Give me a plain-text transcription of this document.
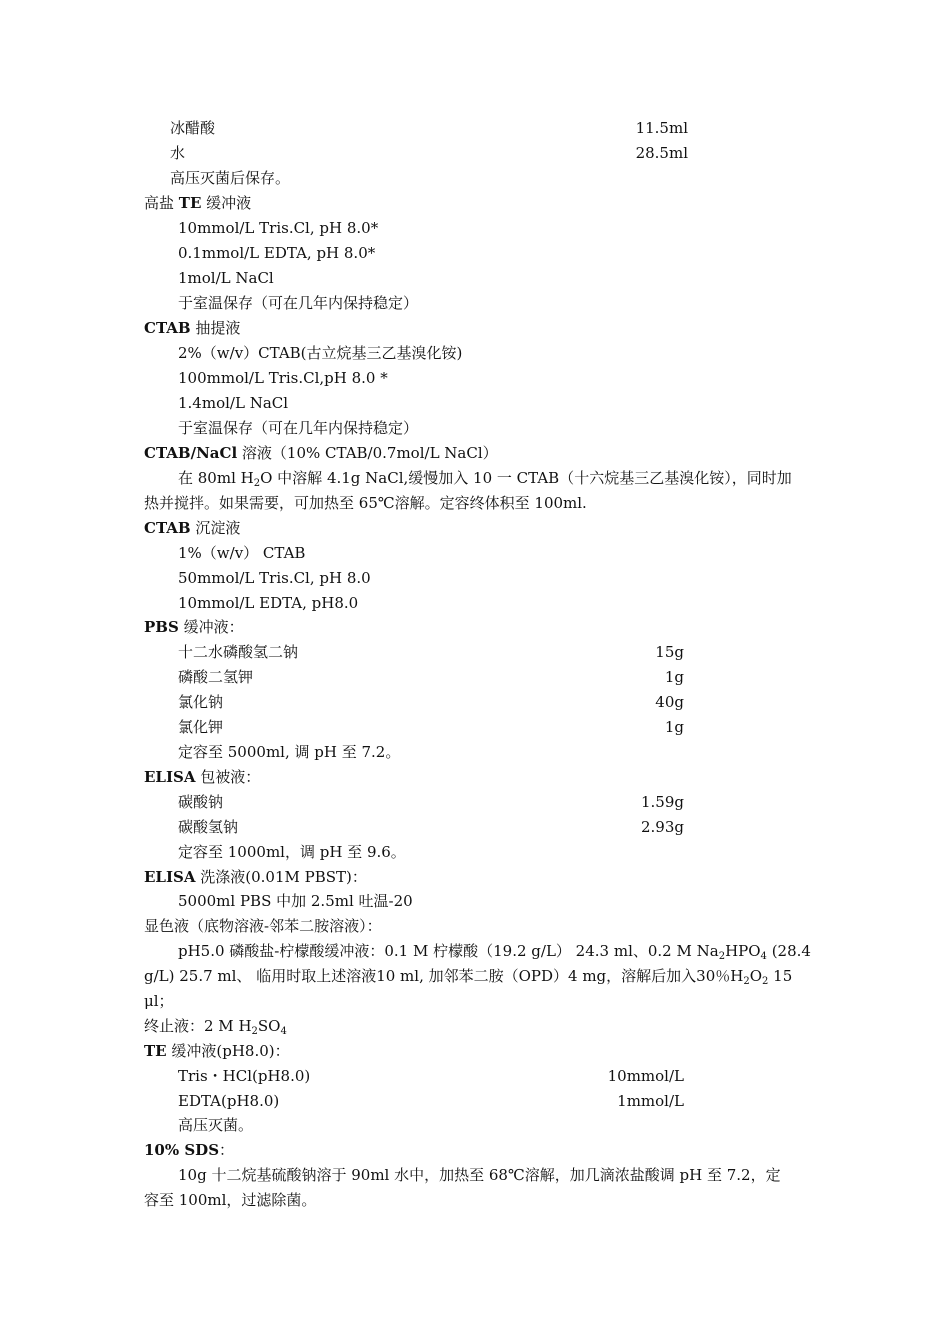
冰醋酸	11.5ml
水	28.5ml
高压灭菌后保存。
高盐 TE 缓冲液
10mmol/L Tris.Cl, pH 8.0*
0.1mmol/L EDTA, pH 8.0*
1mol/L NaCl
于室温保存（可在几年内保持稳定）
CTAB 抽提液
2%（w/v）CTAB(古立烷基三乙基溴化铵)
100mmol/L Tris.Cl,pH 8.0 *
1.4mol/L NaCl
于室温保存（可在几年内保持稳定）
CTAB/NaCl 溶液（10% CTAB/0.7mol/L NaCl）
在 80ml $H_2O$ 中溶解 4.1g NaCl,缓慢加入 10 一 CTAB（十六烷基三乙基溴化铵），同时加
热并搅拌。如果需要，可加热至 65℃溶解。定容终体积至 100ml.
CTAB 沉淀液
1%（w/v） CTAB
50mmol/L Tris.Cl, pH 8.0
10mmol/L EDTA, pH8.0
PBS 缓冲液：
十二水磷酸氢二钠	15g
磷酸二氢钾	1g
氯化钠	40g
氯化钾	1g
定容至 5000ml, 调 pH 至 7.2。
ELISA 包被液：
碳酸钠	1.59g
碳酸氢钠	2.93g
定容至 1000ml，调 pH 至 9.6。
ELISA 洗涤液(0.01M PBST)：
5000ml PBS 中加 2.5ml 吐温-20
显色液（底物溶液-邻苯二胺溶液）：
pH5.0 磷酸盐-柠檬酸缓冲液：0.1 M 柠檬酸（19.2 g/L） 24.3 ml、0.2 M $Na_2HPO_4$ (28.4
g/L) 25.7 ml、 临用时取上述溶液10 ml, 加邻苯二胺（OPD）4 mg，溶解后加入30％$H_2O_2$ 15
μl；
终止液：2 M $H_2SO_4$
TE 缓冲液(pH8.0)：
Tris・HCl(pH8.0)	10mmol/L
EDTA(pH8.0)	1mmol/L
高压灭菌。
10% SDS：
10g 十二烷基硫酸钠溶于 90ml 水中，加热至 68℃溶解，加几滴浓盐酸调 pH 至 7.2，定
容至 100ml，过滤除菌。
